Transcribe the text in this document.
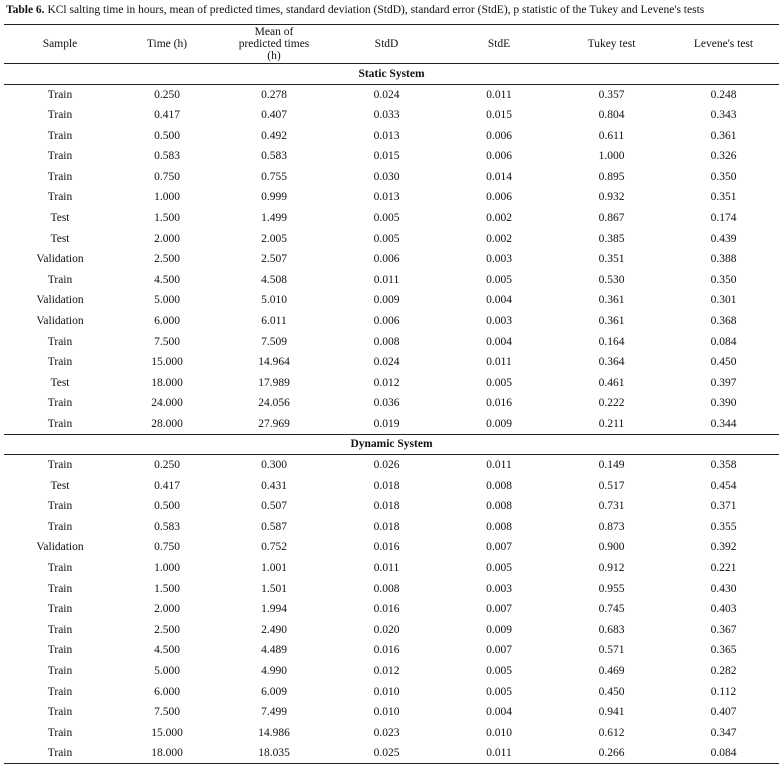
Table 6. KCl salting time in hours, mean of predicted times, standard deviation (StdD), standard error (StdE), p statistic of the Tukey and Levene's tests
Sample	Time (h)	Mean of predicted times (h)	StdD	StdE	Tukey test	Levene's test
Static System						
Train	0.250	0.278	0.024	0.011	0.357	0.248
Train	0.417	0.407	0.033	0.015	0.804	0.343
Train	0.500	0.492	0.013	0.006	0.611	0.361
Train	0.583	0.583	0.015	0.006	1.000	0.326
Train	0.750	0.755	0.030	0.014	0.895	0.350
Train	1.000	0.999	0.013	0.006	0.932	0.351
Test	1.500	1.499	0.005	0.002	0.867	0.174
Test	2.000	2.005	0.005	0.002	0.385	0.439
Validation	2.500	2.507	0.006	0.003	0.351	0.388
Train	4.500	4.508	0.011	0.005	0.530	0.350
Validation	5.000	5.010	0.009	0.004	0.361	0.301
Validation	6.000	6.011	0.006	0.003	0.361	0.368
Train	7.500	7.509	0.008	0.004	0.164	0.084
Train	15.000	14.964	0.024	0.011	0.364	0.450
Test	18.000	17.989	0.012	0.005	0.461	0.397
Train	24.000	24.056	0.036	0.016	0.222	0.390
Train	28.000	27.969	0.019	0.009	0.211	0.344
Dynamic System						
Train	0.250	0.300	0.026	0.011	0.149	0.358
Test	0.417	0.431	0.018	0.008	0.517	0.454
Train	0.500	0.507	0.018	0.008	0.731	0.371
Train	0.583	0.587	0.018	0.008	0.873	0.355
Validation	0.750	0.752	0.016	0.007	0.900	0.392
Train	1.000	1.001	0.011	0.005	0.912	0.221
Train	1.500	1.501	0.008	0.003	0.955	0.430
Train	2.000	1.994	0.016	0.007	0.745	0.403
Train	2.500	2.490	0.020	0.009	0.683	0.367
Train	4.500	4.489	0.016	0.007	0.571	0.365
Train	5.000	4.990	0.012	0.005	0.469	0.282
Train	6.000	6.009	0.010	0.005	0.450	0.112
Train	7.500	7.499	0.010	0.004	0.941	0.407
Train	15.000	14.986	0.023	0.010	0.612	0.347
Train	18.000	18.035	0.025	0.011	0.266	0.084
